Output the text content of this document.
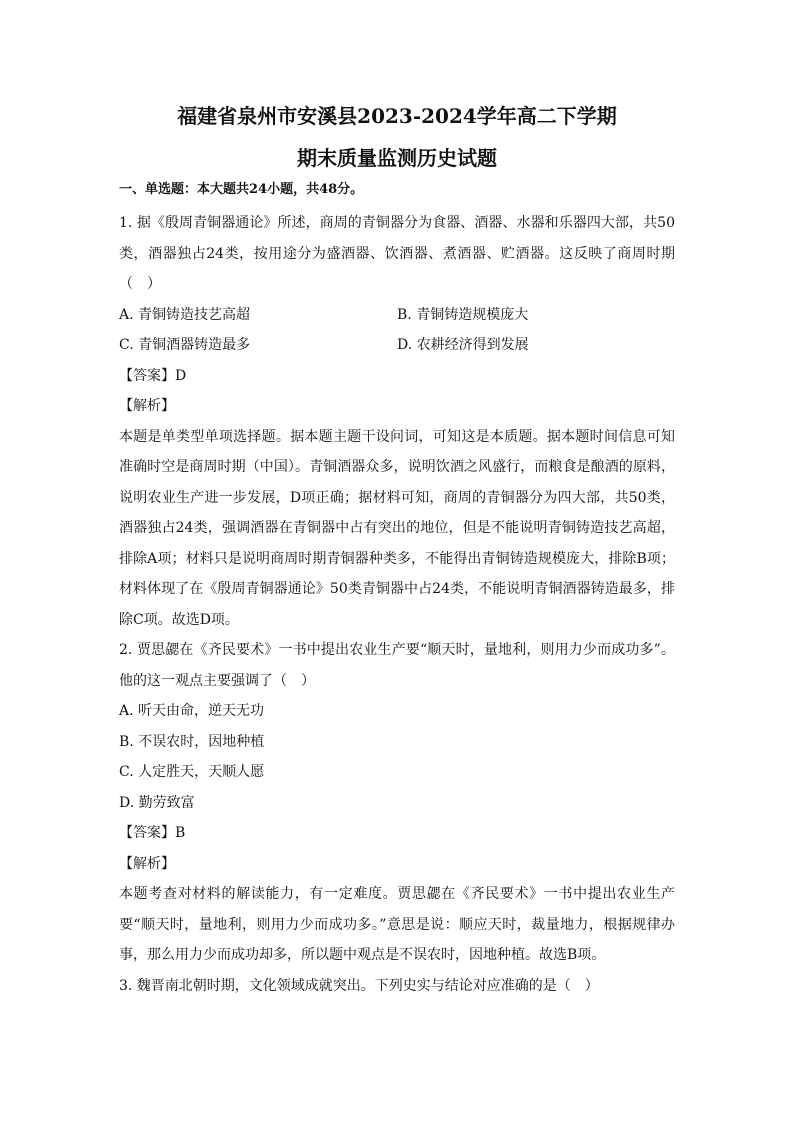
福建省泉州市安溪县2023-2024学年高二下学期
期末质量监测历史试题
一、单选题：本大题共24小题，共48分。
1. 据《殷周青铜器通论》所述，商周的青铜器分为食器、酒器、水器和乐器四大部，共50类，酒器独占24类，按用途分为盛酒器、饮酒器、煮酒器、贮酒器。这反映了商周时期（　）
A. 青铜铸造技艺高超	B. 青铜铸造规模庞大
C. 青铜酒器铸造最多	D. 农耕经济得到发展
【答案】D
【解析】
本题是单类型单项选择题。据本题主题干设问词，可知这是本质题。据本题时间信息可知准确时空是商周时期（中国）。青铜酒器众多，说明饮酒之风盛行，而粮食是酿酒的原料，说明农业生产进一步发展，D项正确；据材料可知，商周的青铜器分为四大部，共50类，酒器独占24类，强调酒器在青铜器中占有突出的地位，但是不能说明青铜铸造技艺高超，排除A项；材料只是说明商周时期青铜器种类多，不能得出青铜铸造规模庞大，排除B项；材料体现了在《殷周青铜器通论》50类青铜器中占24类，不能说明青铜酒器铸造最多，排除C项。故选D项。
2. 贾思勰在《齐民要术》一书中提出农业生产要“顺天时，量地利，则用力少而成功多”。他的这一观点主要强调了（　）
A. 听天由命，逆天无功
B. 不误农时，因地种植
C. 人定胜天，天顺人愿
D. 勤劳致富
【答案】B
【解析】
本题考查对材料的解读能力，有一定难度。贾思勰在《齐民要术》一书中提出农业生产要“顺天时，量地利，则用力少而成功多。”意思是说：顺应天时，裁量地力，根据规律办事，那么用力少而成功却多，所以题中观点是不误农时，因地种植。故选B项。
3. 魏晋南北朝时期，文化领域成就突出。下列史实与结论对应准确的是（　）
